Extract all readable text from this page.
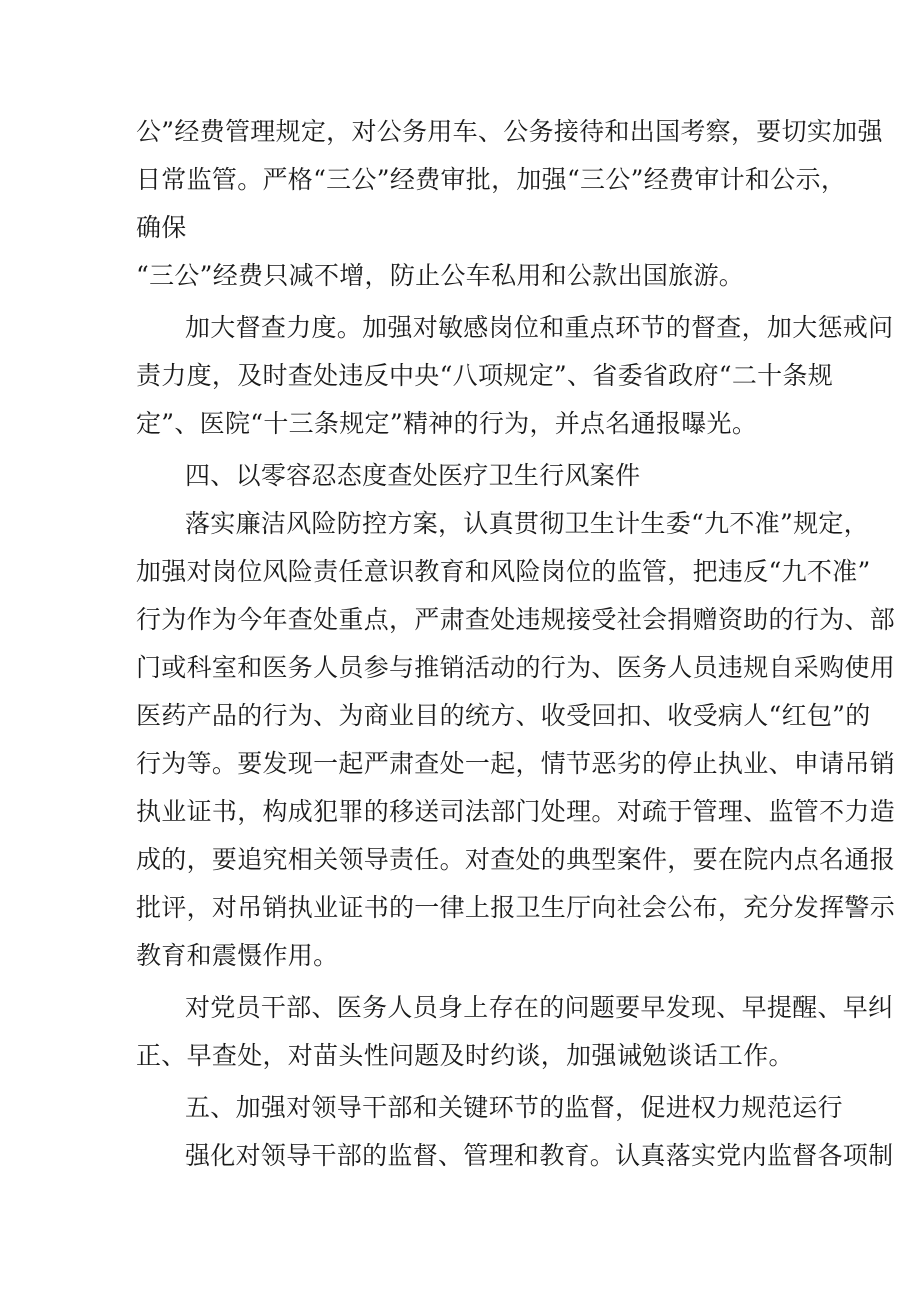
公”经费管理规定，对公务用车、公务接待和出国考察，要切实加强
日常监管。严格“三公”经费审批，加强“三公”经费审计和公示，
确保
“三公”经费只减不增，防止公车私用和公款出国旅游。
加大督查力度。加强对敏感岗位和重点环节的督查，加大惩戒问
责力度，及时查处违反中央“八项规定”、省委省政府“二十条规
定”、医院“十三条规定”精神的行为，并点名通报曝光。
四、以零容忍态度查处医疗卫生行风案件
落实廉洁风险防控方案，认真贯彻卫生计生委“九不准”规定，
加强对岗位风险责任意识教育和风险岗位的监管，把违反“九不准”
行为作为今年查处重点，严肃查处违规接受社会捐赠资助的行为、部
门或科室和医务人员参与推销活动的行为、医务人员违规自采购使用
医药产品的行为、为商业目的统方、收受回扣、收受病人“红包”的
行为等。要发现一起严肃查处一起，情节恶劣的停止执业、申请吊销
执业证书，构成犯罪的移送司法部门处理。对疏于管理、监管不力造
成的，要追究相关领导责任。对查处的典型案件，要在院内点名通报
批评，对吊销执业证书的一律上报卫生厅向社会公布，充分发挥警示
教育和震慑作用。
对党员干部、医务人员身上存在的问题要早发现、早提醒、早纠
正、早查处，对苗头性问题及时约谈，加强诫勉谈话工作。
五、加强对领导干部和关键环节的监督，促进权力规范运行
强化对领导干部的监督、管理和教育。认真落实党内监督各项制
